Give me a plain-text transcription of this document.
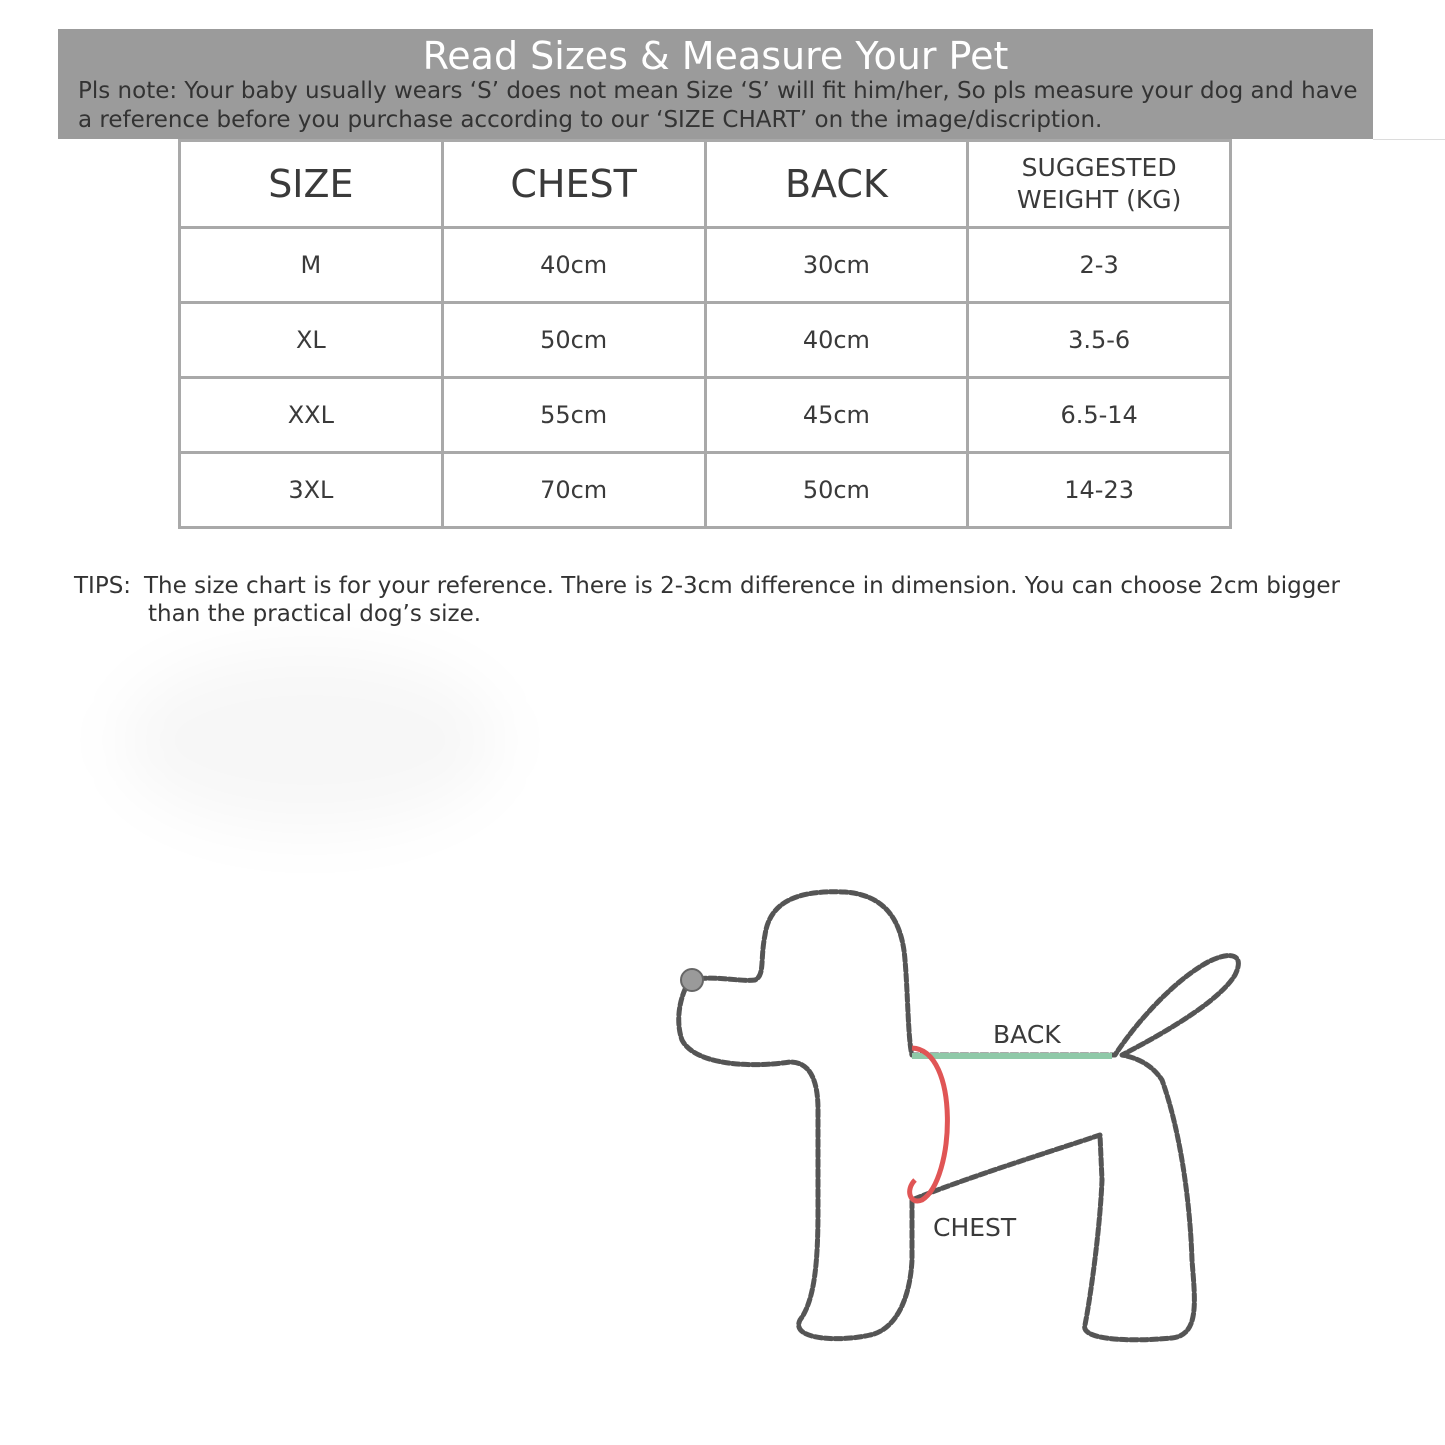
Read Sizes & Measure Your Pet
Pls note: Your baby usually wears ‘S’ does not mean Size ‘S’ will fit him/her, So pls measure your dog and have a reference before you purchase according to our ‘SIZE CHART’ on the image/discription.
SIZE	CHEST	BACK	SUGGESTED
WEIGHT (KG)
M	40cm	30cm	2-3
XL	50cm	40cm	3.5-6
XXL	55cm	45cm	6.5-14
3XL	70cm	50cm	14-23
TIPS: The size chart is for your reference. There is 2-3cm difference in dimension. You can choose 2cm bigger
than the practical dog’s size.
BACK
CHEST
